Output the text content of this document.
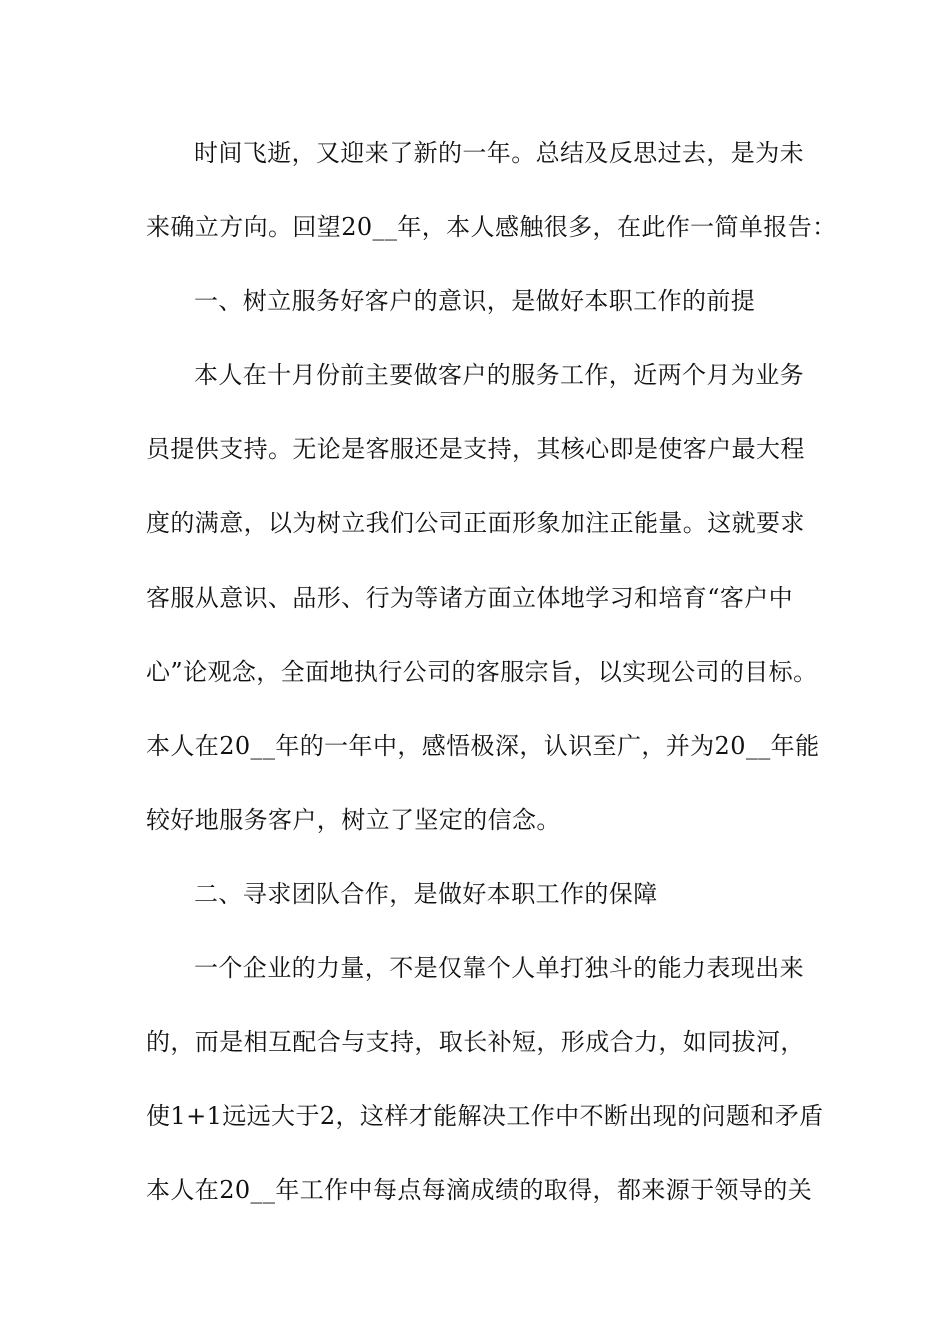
时间飞逝，又迎来了新的一年。总结及反思过去，是为未
来确立方向。回望20__年，本人感触很多，在此作一简单报告：
一、树立服务好客户的意识，是做好本职工作的前提
本人在十月份前主要做客户的服务工作，近两个月为业务
员提供支持。无论是客服还是支持，其核心即是使客户最大程
度的满意，以为树立我们公司正面形象加注正能量。这就要求
客服从意识、品形、行为等诸方面立体地学习和培育“客户中
心”论观念，全面地执行公司的客服宗旨，以实现公司的目标。
本人在20__年的一年中，感悟极深，认识至广，并为20__年能
较好地服务客户，树立了坚定的信念。
二、寻求团队合作，是做好本职工作的保障
一个企业的力量，不是仅靠个人单打独斗的能力表现出来
的，而是相互配合与支持，取长补短，形成合力，如同拔河，
使1+1远远大于2，这样才能解决工作中不断出现的问题和矛盾
本人在20__年工作中每点每滴成绩的取得，都来源于领导的关
